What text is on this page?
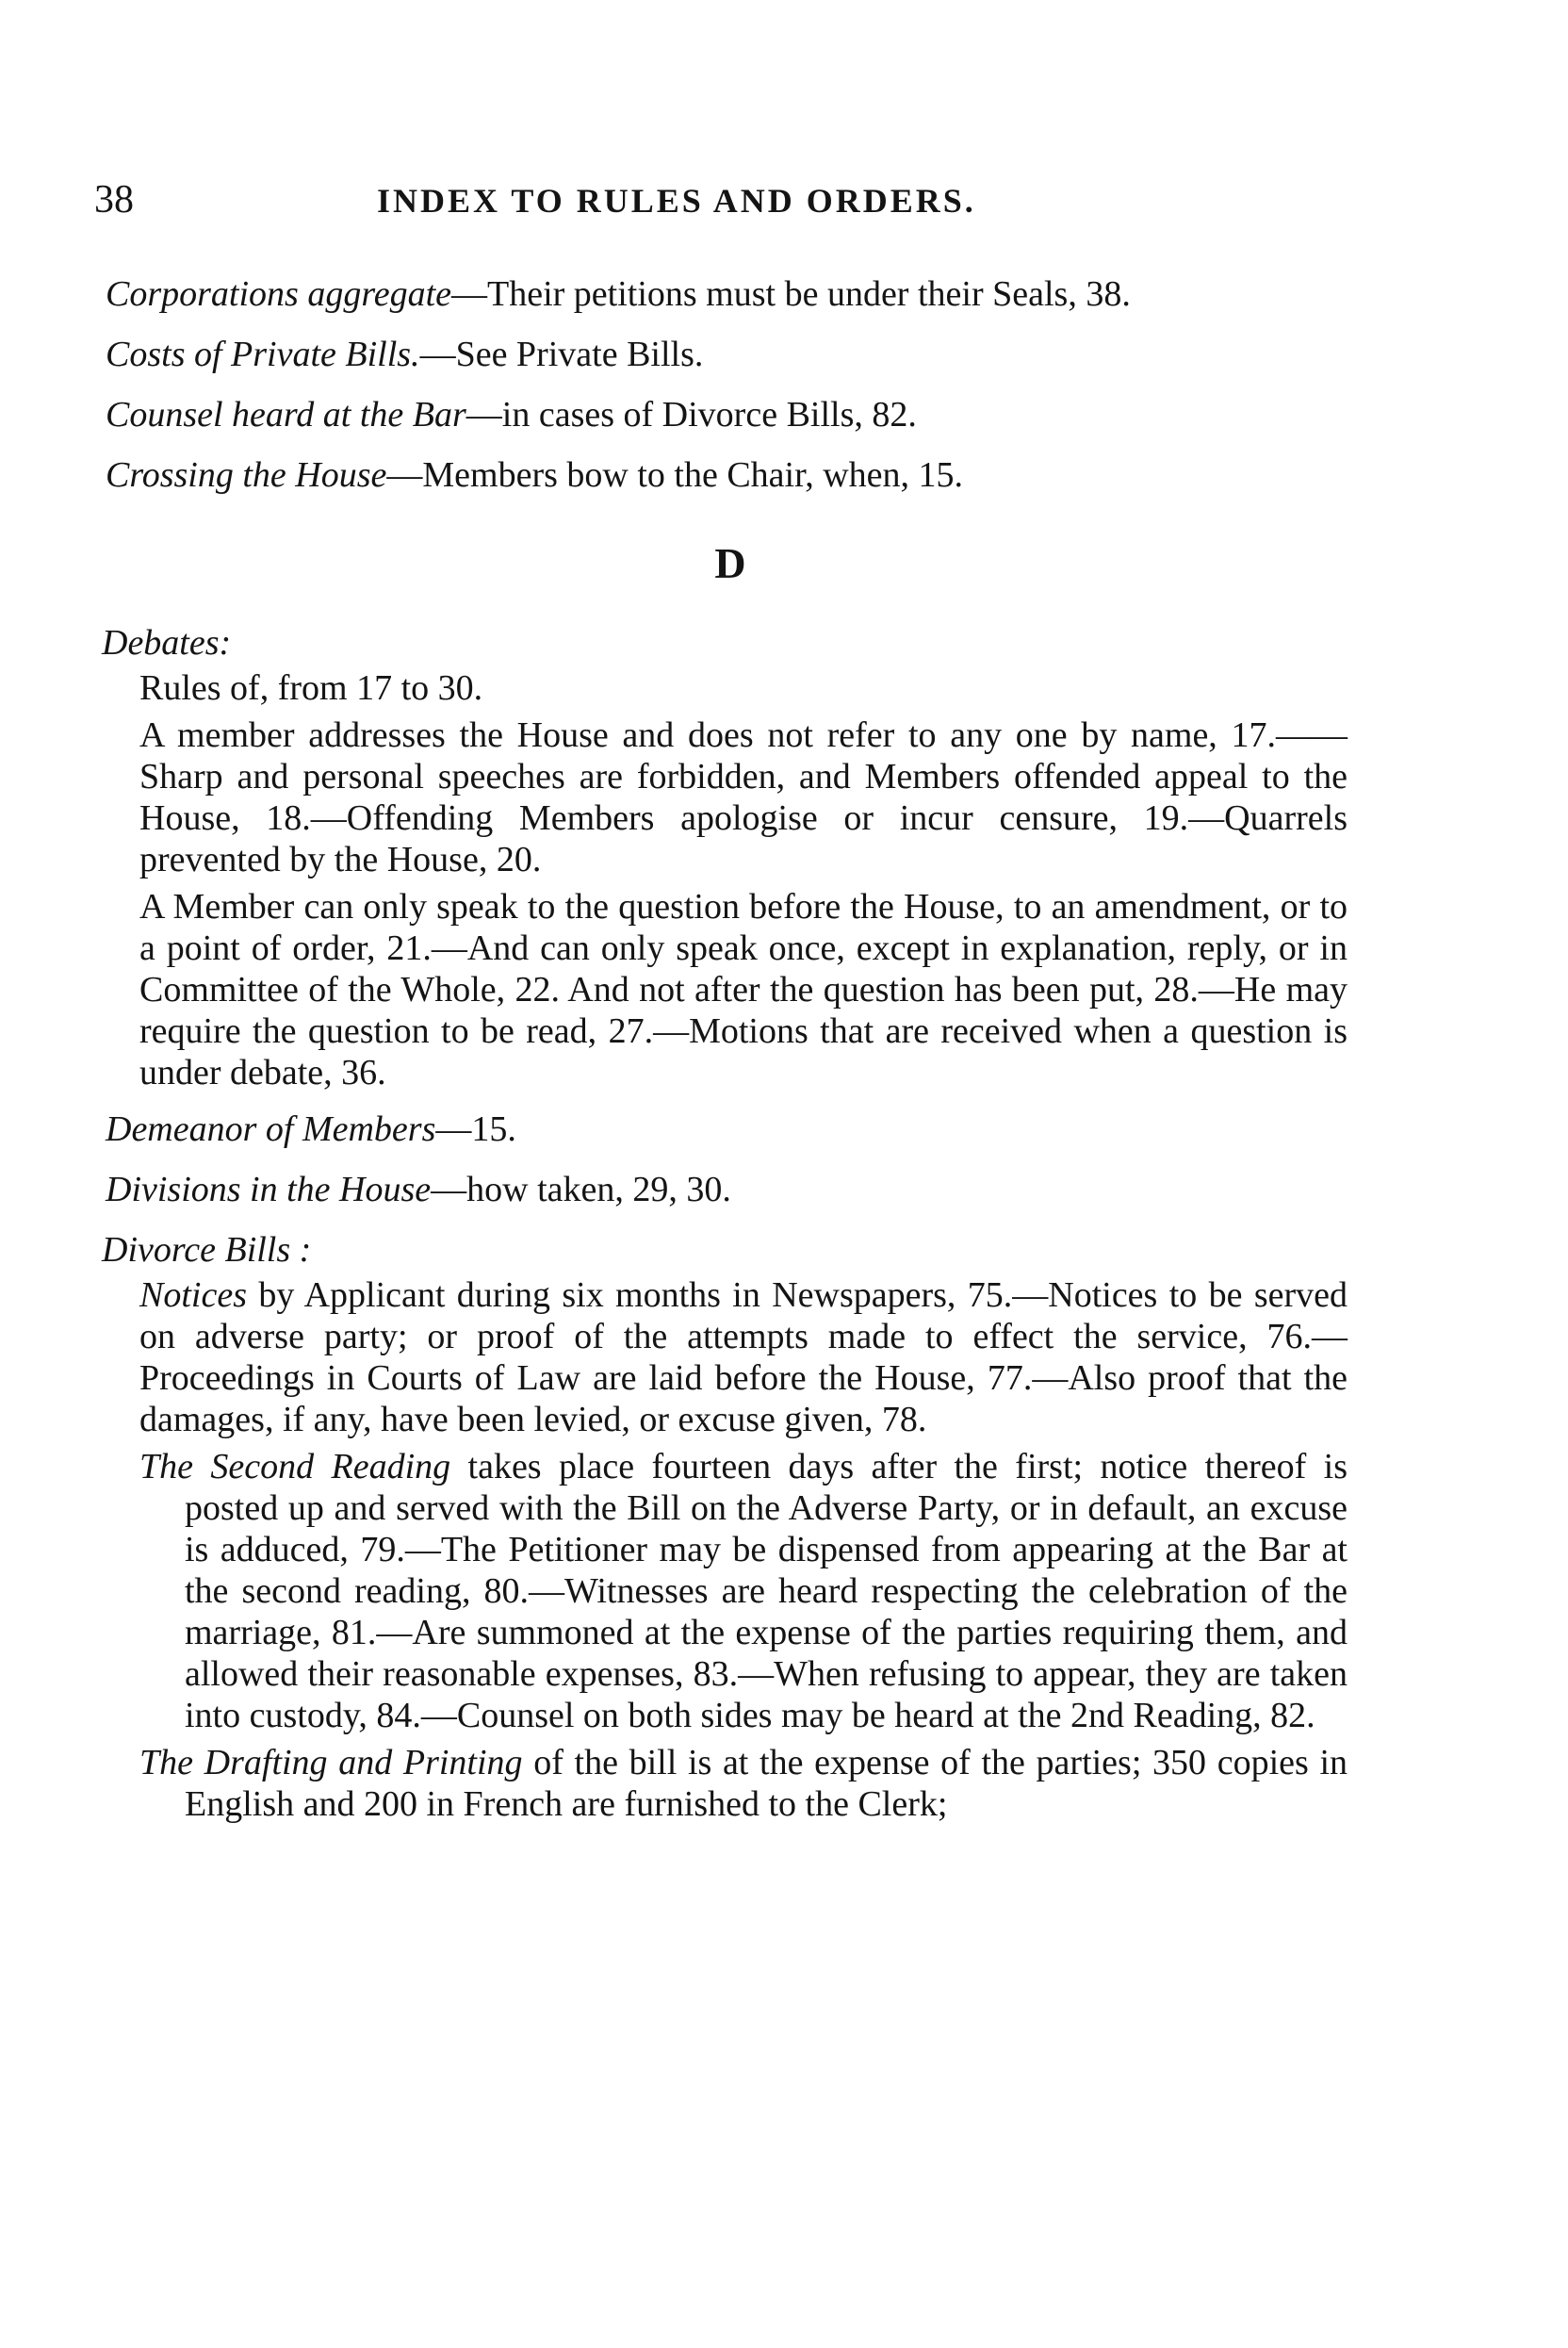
38	INDEX TO RULES AND ORDERS.

Corporations aggregate—Their petitions must be under their Seals, 38.

Costs of Private Bills.—See Private Bills.

Counsel heard at the Bar—in cases of Divorce Bills, 82.

Crossing the House—Members bow to the Chair, when, 15.

D
Debates:

Rules of, from 17 to 30.

A member addresses the House and does not refer to any one by name, 17.——Sharp and personal speeches are forbidden, and Members offended appeal to the House, 18.—Offending Members apologise or incur censure, 19.—Quarrels prevented by the House, 20.

A Member can only speak to the question before the House, to an amendment, or to a point of order, 21.—And can only speak once, except in explanation, reply, or in Committee of the Whole, 22. And not after the question has been put, 28.—He may require the question to be read, 27.—Motions that are received when a question is under debate, 36.

Demeanor of Members—15.

Divisions in the House—how taken, 29, 30.

Divorce Bills :

Notices by Applicant during six months in Newspapers, 75.—Notices to be served on adverse party; or proof of the attempts made to effect the service, 76.—Proceedings in Courts of Law are laid before the House, 77.—Also proof that the damages, if any, have been levied, or excuse given, 78.

The Second Reading takes place fourteen days after the first; notice thereof is posted up and served with the Bill on the Adverse Party, or in default, an excuse is adduced, 79.—The Petitioner may be dispensed from appearing at the Bar at the second reading, 80.—Witnesses are heard respecting the celebration of the marriage, 81.—Are summoned at the expense of the parties requiring them, and allowed their reasonable expenses, 83.—When refusing to appear, they are taken into custody, 84.—Counsel on both sides may be heard at the 2nd Reading, 82.

The Drafting and Printing of the bill is at the expense of the parties; 350 copies in English and 200 in French are furnished to the Clerk;
